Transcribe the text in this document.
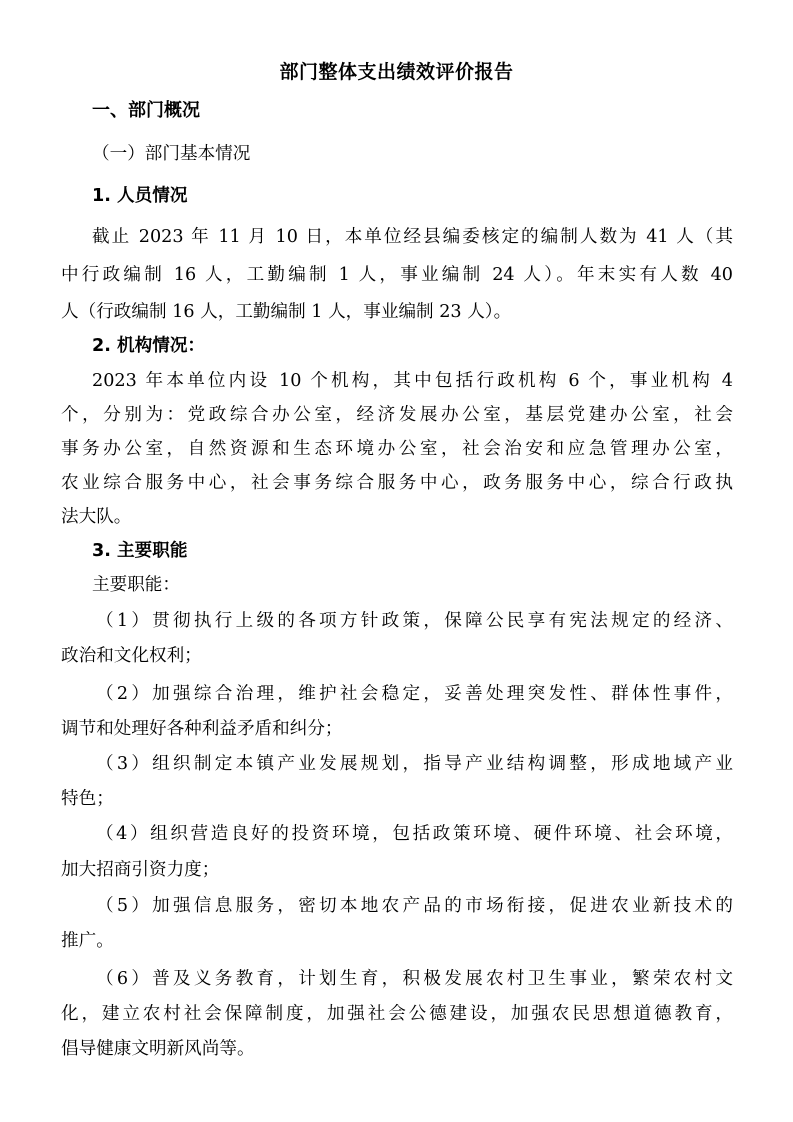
部门整体支出绩效评价报告
一、部门概况
（一）部门基本情况
1. 人员情况
截止 2023 年 11 月 10 日，本单位经县编委核定的编制人数为 41 人（其
中行政编制 16 人，工勤编制 1 人，事业编制 24 人）。年末实有人数 40
人（行政编制 16 人，工勤编制 1 人，事业编制 23 人）。
2. 机构情况：
2023 年本单位内设 10 个机构，其中包括行政机构 6 个，事业机构 4
个，分别为：党政综合办公室，经济发展办公室，基层党建办公室，社会
事务办公室，自然资源和生态环境办公室，社会治安和应急管理办公室，
农业综合服务中心，社会事务综合服务中心，政务服务中心，综合行政执
法大队。
3. 主要职能
主要职能：
（1）贯彻执行上级的各项方针政策，保障公民享有宪法规定的经济、
政治和文化权利；
（2）加强综合治理，维护社会稳定，妥善处理突发性、群体性事件，
调节和处理好各种利益矛盾和纠分；
（3）组织制定本镇产业发展规划，指导产业结构调整，形成地域产业
特色；
（4）组织营造良好的投资环境，包括政策环境、硬件环境、社会环境，
加大招商引资力度；
（5）加强信息服务，密切本地农产品的市场衔接，促进农业新技术的
推广。
（6）普及义务教育，计划生育，积极发展农村卫生事业，繁荣农村文
化，建立农村社会保障制度，加强社会公德建设，加强农民思想道德教育，
倡导健康文明新风尚等。
